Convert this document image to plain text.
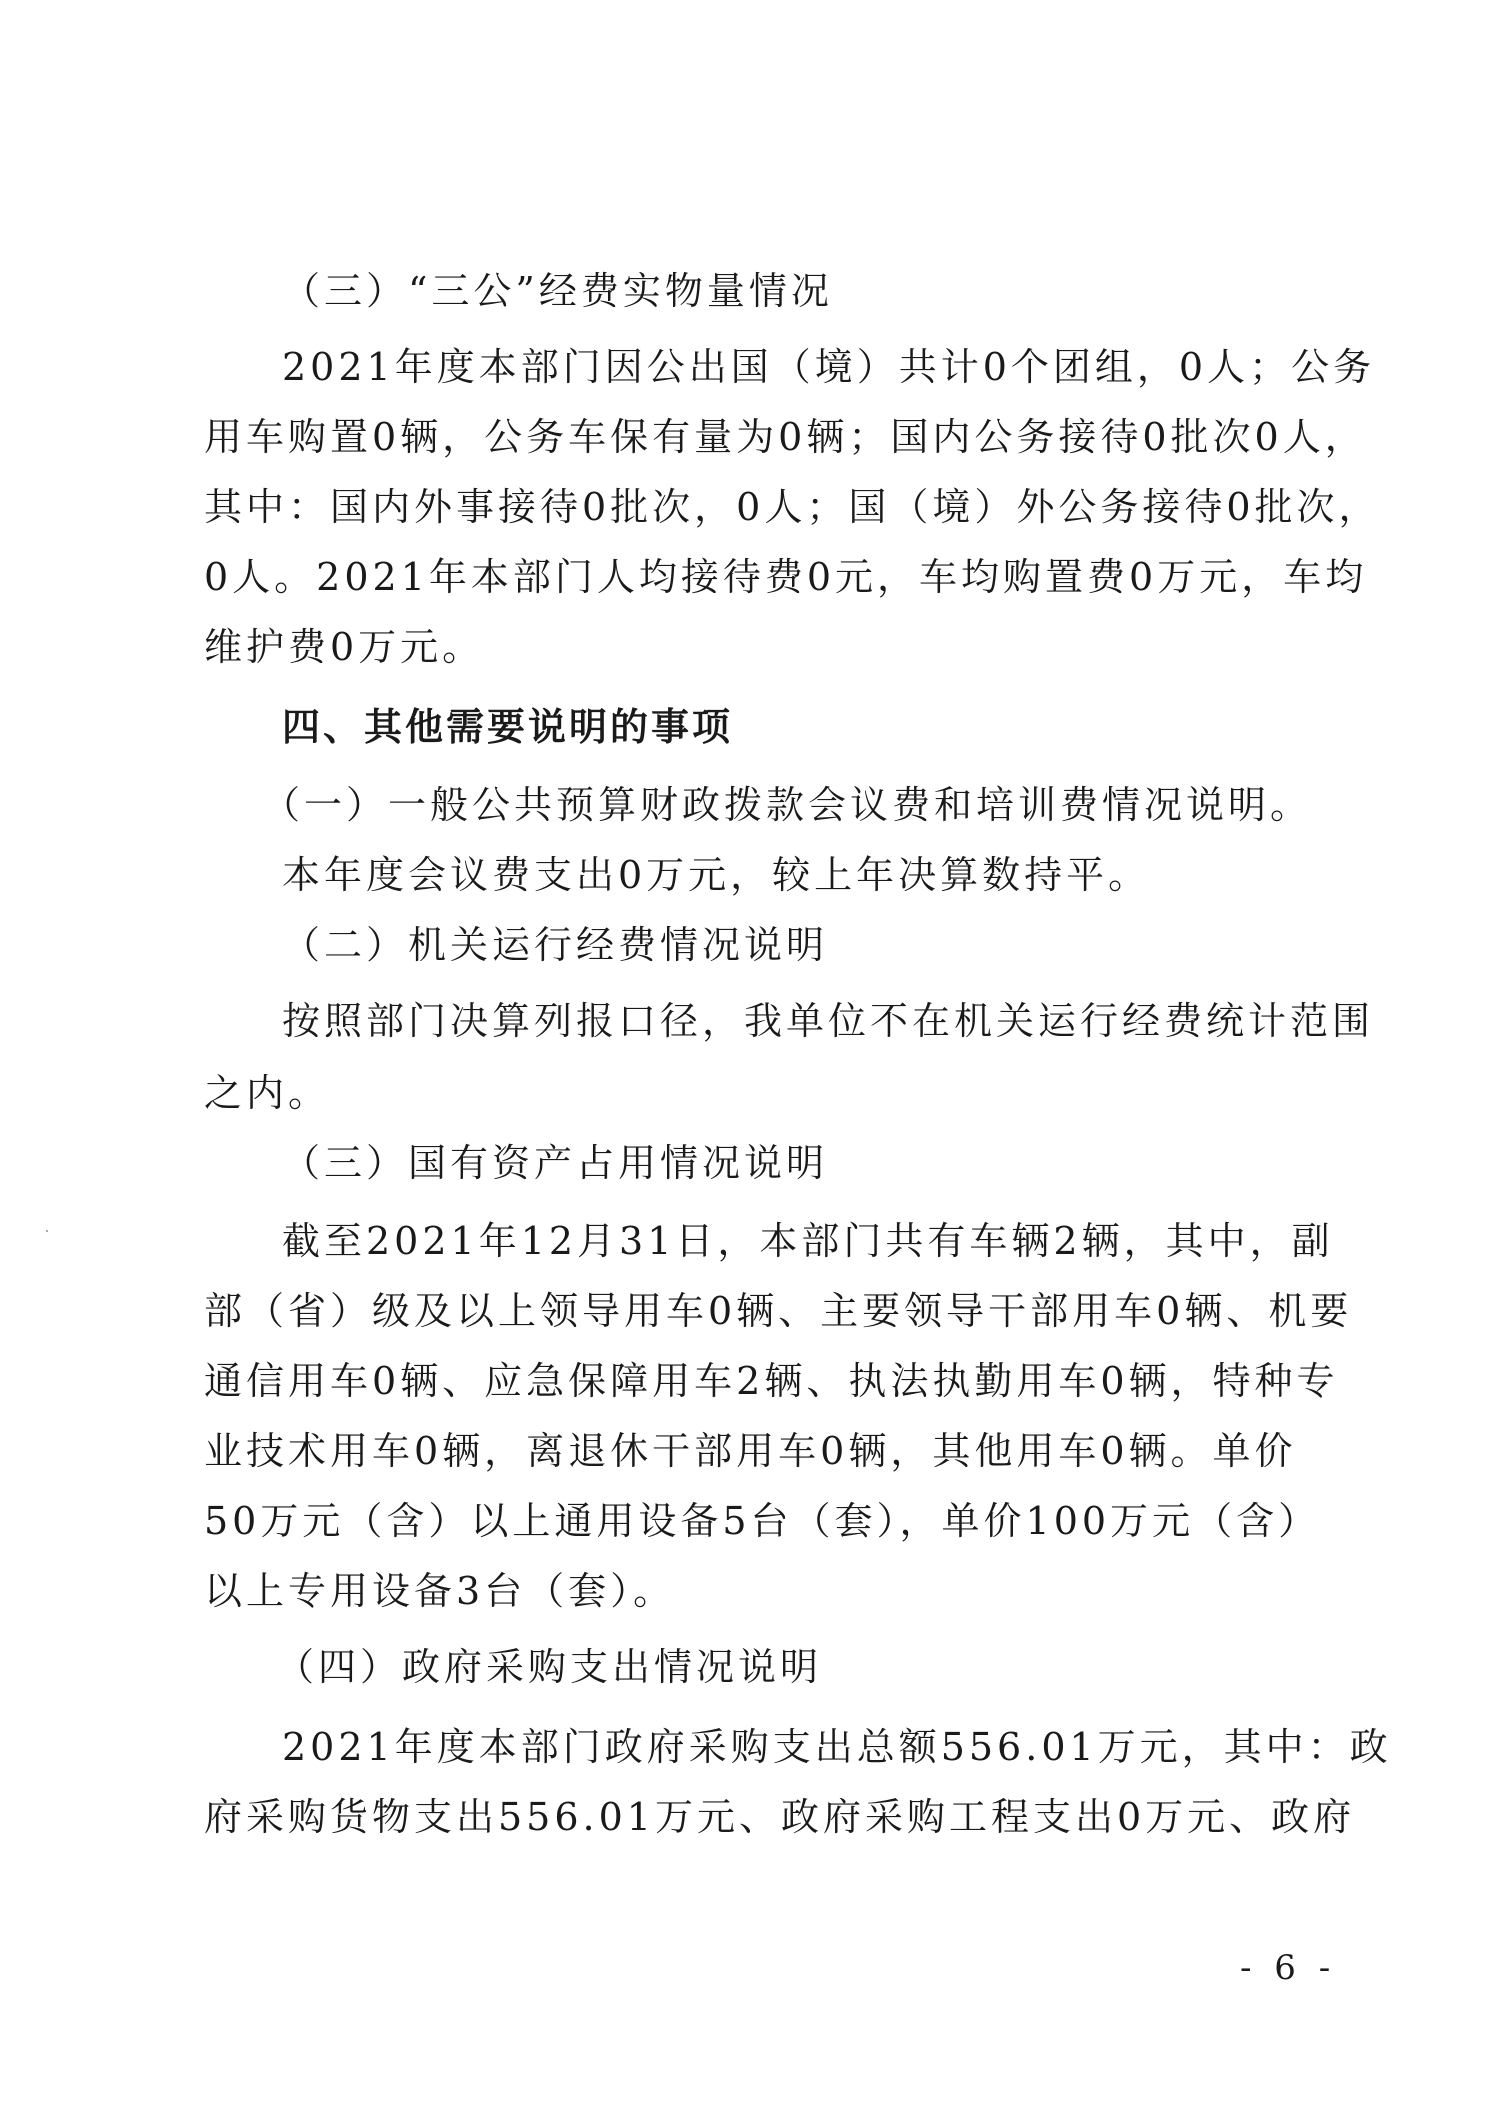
（三）“三公”经费实物量情况
2021年度本部门因公出国（境）共计0个团组，0人；公务
用车购置0辆，公务车保有量为0辆；国内公务接待0批次0人，
其中：国内外事接待0批次，0人；国（境）外公务接待0批次，
0人。2021年本部门人均接待费0元，车均购置费0万元，车均
维护费0万元。
四、其他需要说明的事项
（一）一般公共预算财政拨款会议费和培训费情况说明。
本年度会议费支出0万元，较上年决算数持平。
（二）机关运行经费情况说明
按照部门决算列报口径，我单位不在机关运行经费统计范围
之内。
（三）国有资产占用情况说明
截至2021年12月31日，本部门共有车辆2辆，其中，副
部（省）级及以上领导用车0辆、主要领导干部用车0辆、机要
通信用车0辆、应急保障用车2辆、执法执勤用车0辆，特种专
业技术用车0辆，离退休干部用车0辆，其他用车0辆。单价
50万元（含）以上通用设备5台（套），单价100万元（含）
以上专用设备3台（套）。
（四）政府采购支出情况说明
2021年度本部门政府采购支出总额556.01万元，其中：政
府采购货物支出556.01万元、政府采购工程支出0万元、政府
- 6 -
